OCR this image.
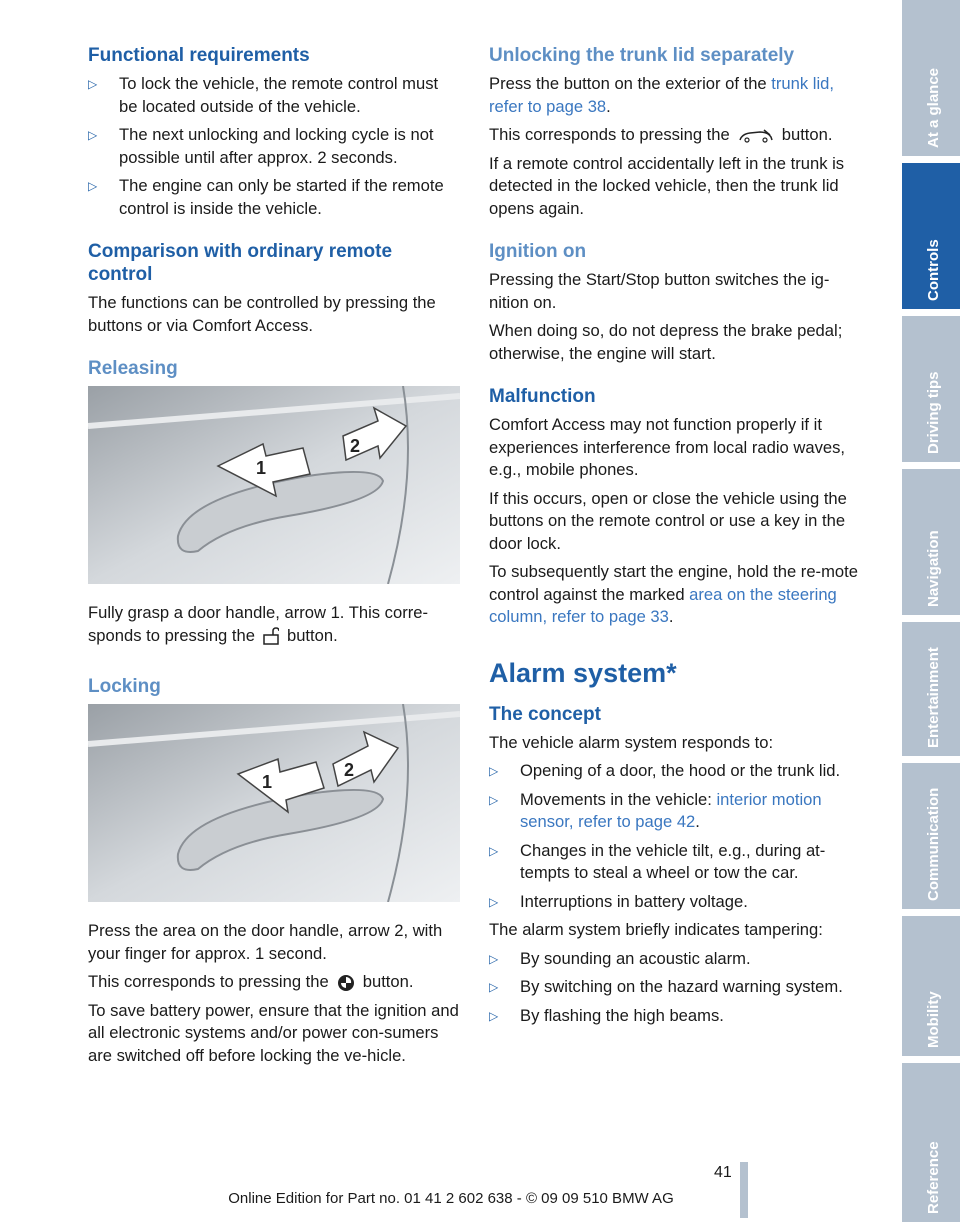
Functional requirements
▷ To lock the vehicle, the remote control must be located outside of the vehicle.
▷ The next unlocking and locking cycle is not possible until after approx. 2 seconds.
▷ The engine can only be started if the remote control is inside the vehicle.
Comparison with ordinary remote control

The functions can be controlled by pressing the buttons or via Comfort Access.

Releasing
1
2

Fully grasp a door handle, arrow 1. This corre-sponds to pressing the button.

Locking
1
2

Press the area on the door handle, arrow 2, with your finger for approx. 1 second.

This corresponds to pressing the button.

To save battery power, ensure that the ignition and all electronic systems and/or power con-sumers are switched off before locking the ve-hicle.

Unlocking the trunk lid separately

Press the button on the exterior of the trunk lid, refer to page 38.

This corresponds to pressing the	button.

If a remote control accidentally left in the trunk is detected in the locked vehicle, then the trunk lid opens again.

Ignition on

Pressing the Start/Stop button switches the ig-nition on.

When doing so, do not depress the brake pedal; otherwise, the engine will start.

Malfunction

Comfort Access may not function properly if it experiences interference from local radio waves, e.g., mobile phones.

If this occurs, open or close the vehicle using the buttons on the remote control or use a key in the door lock.

To subsequently start the engine, hold the re-mote control against the marked area on the steering column, refer to page 33.

Alarm system*
The concept

The vehicle alarm system responds to:

▷ Opening of a door, the hood or the trunk lid.
▷ Movements in the vehicle: interior motion sensor, refer to page 42.
▷ Changes in the vehicle tilt, e.g., during at-tempts to steal a wheel or tow the car.
▷ Interruptions in battery voltage.

The alarm system briefly indicates tampering:

▷ By sounding an acoustic alarm.
▷ By switching on the hazard warning system.
▷ By flashing the high beams.
At a glance
Controls
Driving tips
Navigation
Entertainment
Communication
Mobility
Reference
41
Online Edition for Part no. 01 41 2 602 638 - © 09 09 510 BMW AG
